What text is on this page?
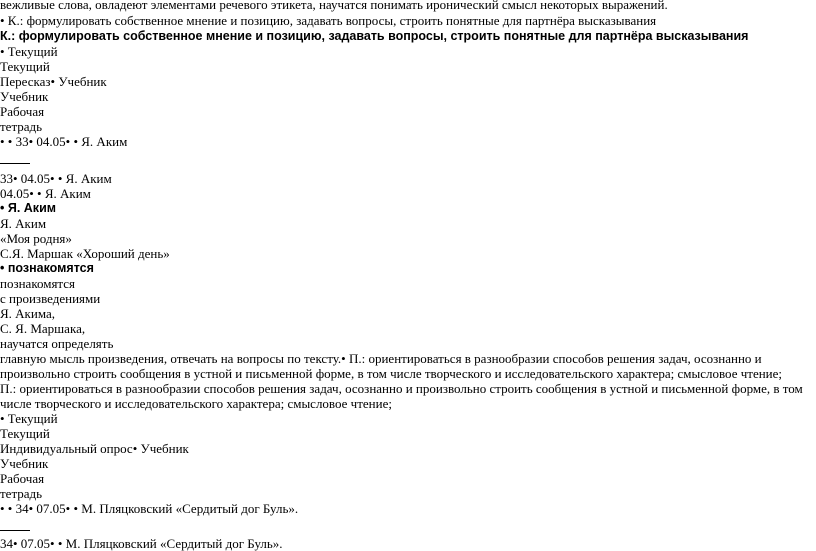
вежливые слова, овладеют элементами речевого этикета, научатся понимать иронический смысл некоторых выражений.
• К.: формулировать собственное мнение и позицию, задавать вопросы, строить понятные для партнёра высказывания
К.: формулировать собственное мнение и позицию, задавать вопросы, строить понятные для партнёра высказывания
• Текущий
Текущий
Пересказ• Учебник
Учебник
Рабочая
тетрадь
• • 33• 04.05• • Я. Аким
33• 04.05• • Я. Аким
04.05• • Я. Аким
• Я. Аким
Я. Аким
«Моя родня»
С.Я. Маршак «Хороший день»
• познакомятся
познакомятся
с произведениями
Я. Акима,
С. Я. Маршака,
научатся определять
главную мысль произведения, отвечать на вопросы по тексту.• П.: ориентироваться в разнообразии способов решения задач, осознанно и произвольно строить сообщения в устной и письменной форме, в том числе творческого и исследовательского характера; смысловое чтение;
П.: ориентироваться в разнообразии способов решения задач, осознанно и произвольно строить сообщения в устной и письменной форме, в том числе творческого и исследовательского характера; смысловое чтение;
• Текущий
Текущий
Индивидуальный опрос• Учебник
Учебник
Рабочая
тетрадь
• • 34• 07.05• • М. Пляцковский «Сердитый дог Буль».
34• 07.05• • М. Пляцковский «Сердитый дог Буль».
